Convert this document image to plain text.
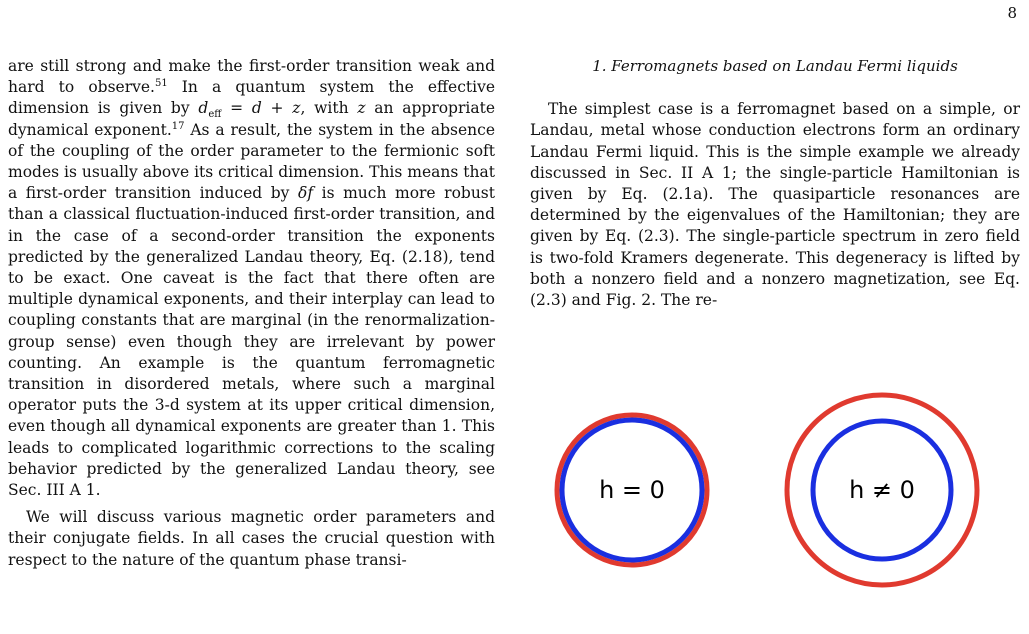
8

are still strong and make the first-order transition weak and hard to observe.$^{51}$ In a quantum system the effective dimension is given by $d_{eff} = d + z$, with z an appropriate dynamical exponent.$^{17}$ As a result, the system in the absence of the coupling of the order parameter to the fermionic soft modes is usually above its critical dimension. This means that a first-order transition induced by δf is much more robust than a classical fluctuation-induced first-order transition, and in the case of a second-order transition the exponents predicted by the generalized Landau theory, Eq. (2.18), tend to be exact. One caveat is the fact that there often are multiple dynamical exponents, and their interplay can lead to coupling constants that are marginal (in the renormalization-group sense) even though they are irrelevant by power counting. An example is the quantum ferromagnetic transition in disordered metals, where such a marginal operator puts the 3-d system at its upper critical dimension, even though all dynamical exponents are greater than 1. This leads to complicated logarithmic corrections to the scaling behavior predicted by the generalized Landau theory, see Sec. III A 1.

We will discuss various magnetic order parameters and their conjugate fields. In all cases the crucial question with respect to the nature of the quantum phase transi-

1. Ferromagnets based on Landau Fermi liquids

The simplest case is a ferromagnet based on a simple, or Landau, metal whose conduction electrons form an ordinary Landau Fermi liquid. This is the simple example we already discussed in Sec. II A 1; the single-particle Hamiltonian is given by Eq. (2.1a). The quasiparticle resonances are determined by the eigenvalues of the Hamiltonian; they are given by Eq. (2.3). The single-particle spectrum in zero field is two-fold Kramers degenerate. This degeneracy is lifted by both a nonzero field and a nonzero magnetization, see Eq. (2.3) and Fig. 2. The re-

h = 0	h ≠ 0
